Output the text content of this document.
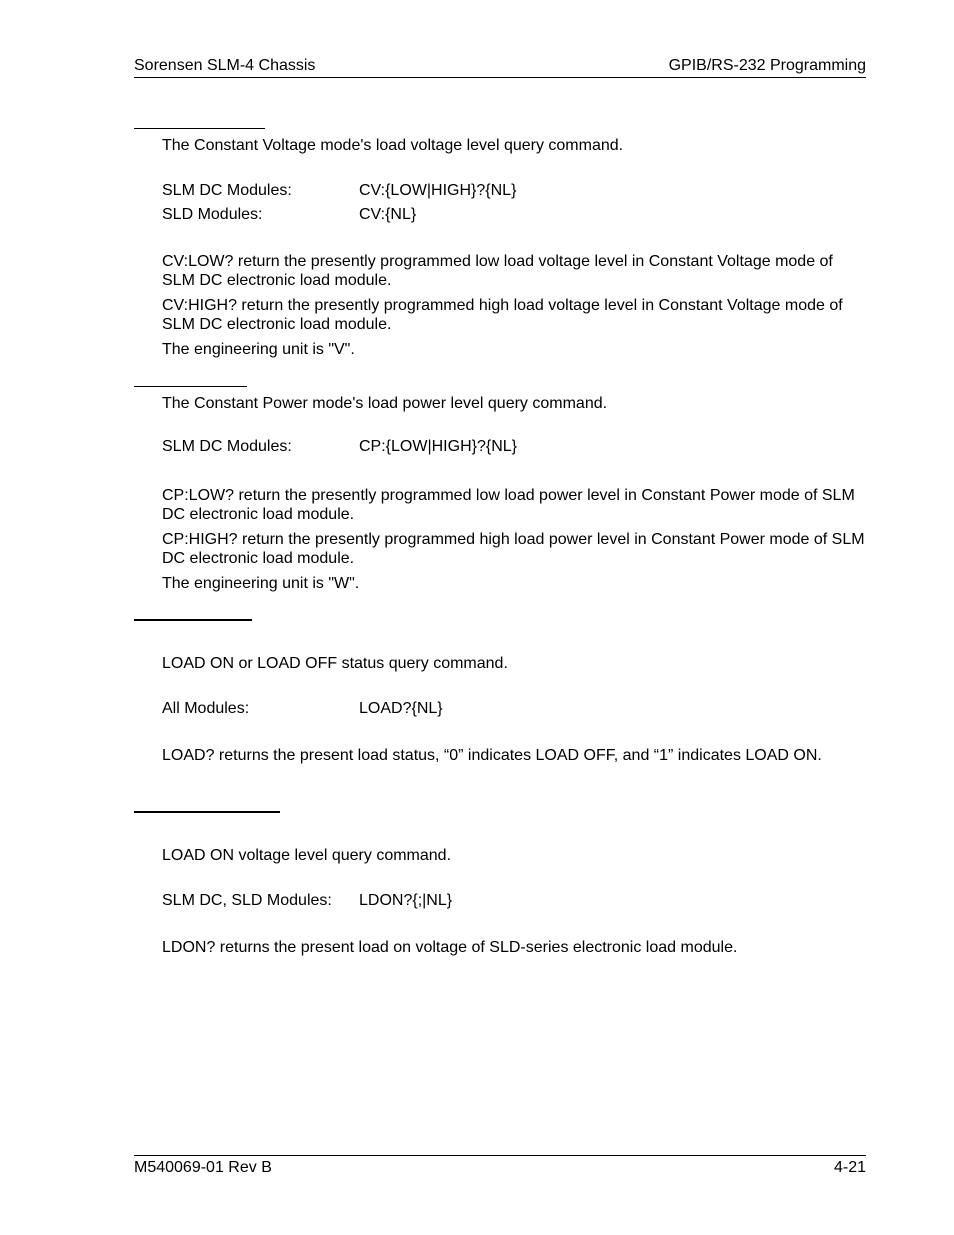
Sorensen SLM-4 Chassis	GPIB/RS-232 Programming
The Constant Voltage mode's load voltage level query command.
SLM DC Modules:	CV:{LOW|HIGH}?{NL}
SLD Modules:	CV:{NL}
CV:LOW? return the presently programmed low load voltage level in Constant Voltage mode of SLM DC electronic load module.
CV:HIGH? return the presently programmed high load voltage level in Constant Voltage mode of SLM DC electronic load module.
The engineering unit is "V".
The Constant Power mode's load power level query command.
SLM DC Modules:	CP:{LOW|HIGH}?{NL}
CP:LOW? return the presently programmed low load power level in Constant Power mode of SLM DC electronic load module.
CP:HIGH? return the presently programmed high load power level in Constant Power mode of SLM DC electronic load module.
The engineering unit is "W".
LOAD ON or LOAD OFF status query command.
All Modules:	LOAD?{NL}
LOAD? returns the present load status, “0” indicates LOAD OFF, and “1” indicates LOAD ON.
LOAD ON voltage level query command.
SLM DC, SLD Modules: LDON?{;|NL}
LDON? returns the present load on voltage of SLD-series electronic load module.
M540069-01 Rev B	4-21
